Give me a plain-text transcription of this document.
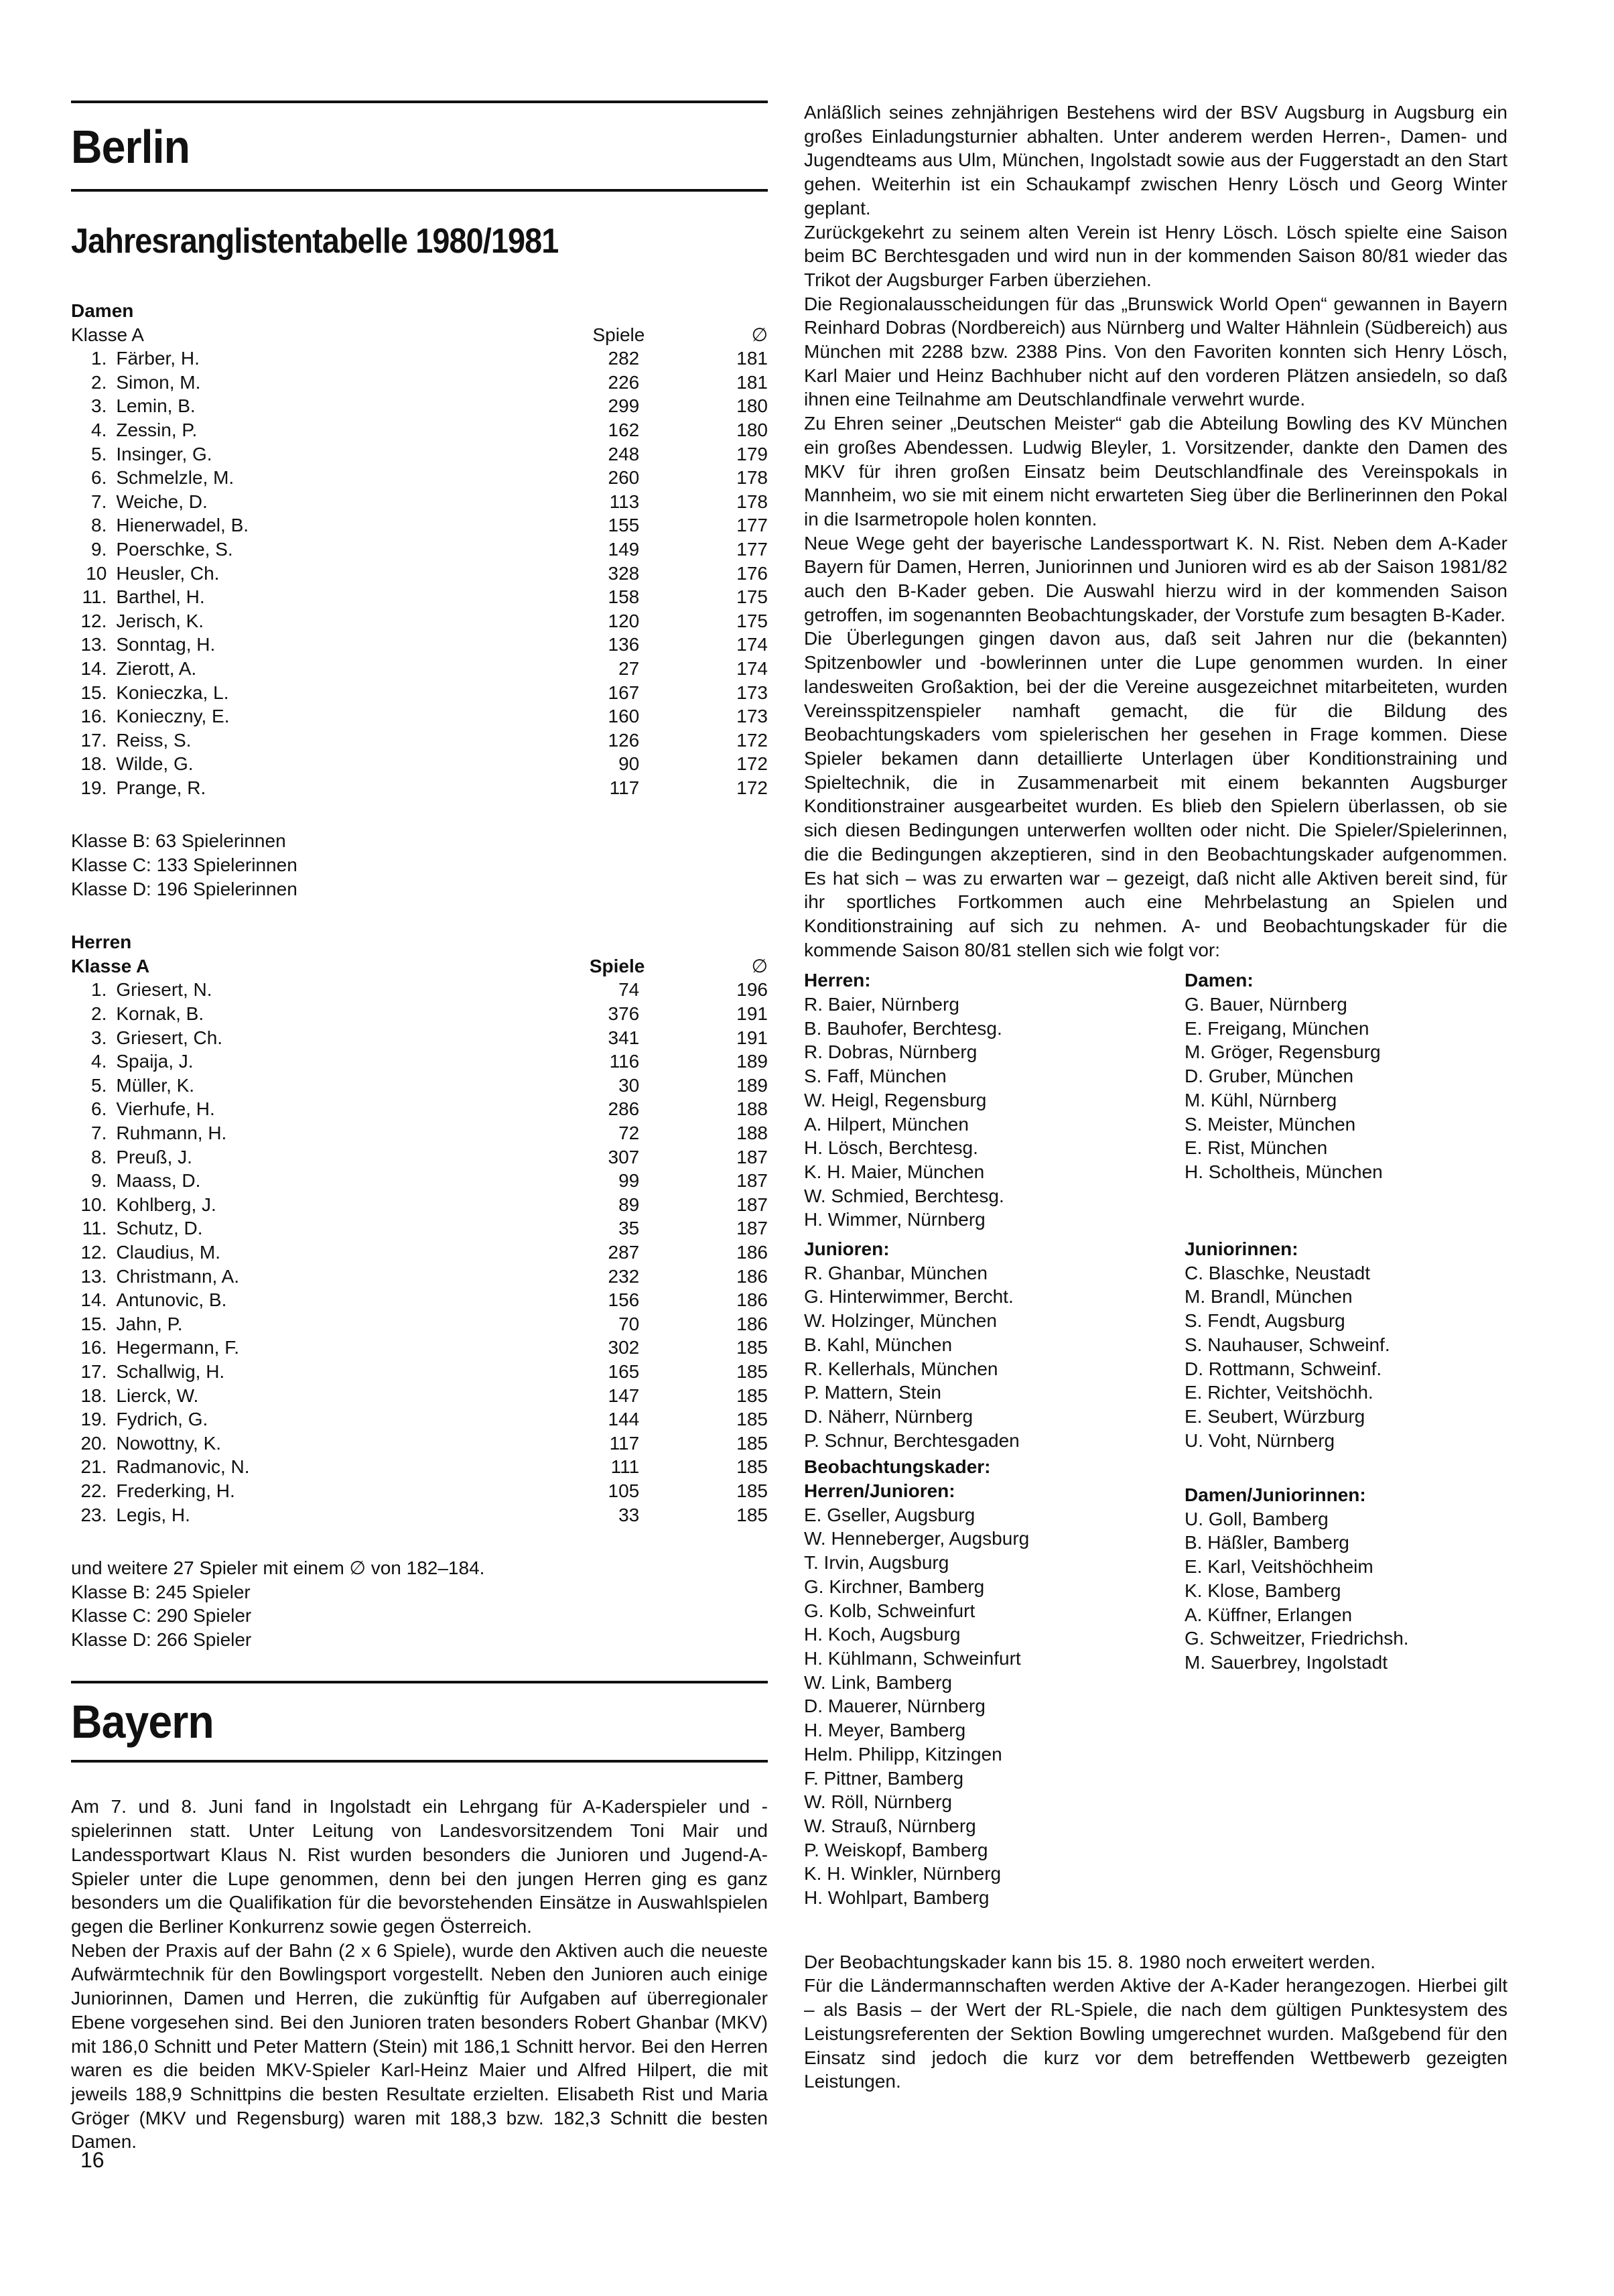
Berlin
Jahresranglistentabelle 1980/1981
Damen
Klasse A	Spiele	∅
1. Färber, H.	282	181
2. Simon, M.	226	181
3. Lemin, B.	299	180
4. Zessin, P.	162	180
5. Insinger, G.	248	179
6. Schmelzle, M.	260	178
7. Weiche, D.	113	178
8. Hienerwadel, B.	155	177
9. Poerschke, S.	149	177
10 Heusler, Ch.	328	176
11. Barthel, H.	158	175
12. Jerisch, K.	120	175
13. Sonntag, H.	136	174
14. Zierott, A.	27	174
15. Konieczka, L.	167	173
16. Konieczny, E.	160	173
17. Reiss, S.	126	172
18. Wilde, G.	90	172
19. Prange, R.	117	172
Klasse B: 63 Spielerinnen
Klasse C: 133 Spielerinnen
Klasse D: 196 Spielerinnen
Herren
Klasse A	Spiele	∅
1. Griesert, N.	74	196
2. Kornak, B.	376	191
3. Griesert, Ch.	341	191
4. Spaija, J.	116	189
5. Müller, K.	30	189
6. Vierhufe, H.	286	188
7. Ruhmann, H.	72	188
8. Preuß, J.	307	187
9. Maass, D.	99	187
10. Kohlberg, J.	89	187
11. Schutz, D.	35	187
12. Claudius, M.	287	186
13. Christmann, A.	232	186
14. Antunovic, B.	156	186
15. Jahn, P.	70	186
16. Hegermann, F.	302	185
17. Schallwig, H.	165	185
18. Lierck, W.	147	185
19. Fydrich, G.	144	185
20. Nowottny, K.	117	185
21. Radmanovic, N.	111	185
22. Frederking, H.	105	185
23. Legis, H.	33	185
und weitere 27 Spieler mit einem ∅ von 182–184.
Klasse B: 245 Spieler
Klasse C: 290 Spieler
Klasse D: 266 Spieler
Bayern

Am 7. und 8. Juni fand in Ingolstadt ein Lehrgang für A-Kaderspieler und -spielerinnen statt. Unter Leitung von Landesvorsitzendem Toni Mair und Landessportwart Klaus N. Rist wurden besonders die Junioren und Jugend-A-Spieler unter die Lupe genommen, denn bei den jungen Herren ging es ganz besonders um die Qualifikation für die bevorstehenden Einsätze in Auswahlspielen gegen die Berliner Konkurrenz sowie gegen Österreich.

Neben der Praxis auf der Bahn (2 x 6 Spiele), wurde den Aktiven auch die neueste Aufwärmtechnik für den Bowlingsport vorgestellt. Neben den Junioren auch einige Juniorinnen, Damen und Herren, die zukünftig für Aufgaben auf überregionaler Ebene vorgesehen sind. Bei den Junioren traten besonders Robert Ghanbar (MKV) mit 186,0 Schnitt und Peter Mattern (Stein) mit 186,1 Schnitt hervor. Bei den Herren waren es die beiden MKV-Spieler Karl-Heinz Maier und Alfred Hilpert, die mit jeweils 188,9 Schnittpins die besten Resultate erzielten. Elisabeth Rist und Maria Gröger (MKV und Regensburg) waren mit 188,3 bzw. 182,3 Schnitt die besten Damen.

Anläßlich seines zehnjährigen Bestehens wird der BSV Augsburg in Augsburg ein großes Einladungsturnier abhalten. Unter anderem werden Herren-, Damen- und Jugendteams aus Ulm, München, Ingolstadt sowie aus der Fuggerstadt an den Start gehen. Weiterhin ist ein Schaukampf zwischen Henry Lösch und Georg Winter geplant.

Zurückgekehrt zu seinem alten Verein ist Henry Lösch. Lösch spielte eine Saison beim BC Berchtesgaden und wird nun in der kommenden Saison 80/81 wieder das Trikot der Augsburger Farben überziehen.

Die Regionalausscheidungen für das „Brunswick World Open“ gewannen in Bayern Reinhard Dobras (Nordbereich) aus Nürnberg und Walter Hähnlein (Südbereich) aus München mit 2288 bzw. 2388 Pins. Von den Favoriten konnten sich Henry Lösch, Karl Maier und Heinz Bachhuber nicht auf den vorderen Plätzen ansiedeln, so daß ihnen eine Teilnahme am Deutschlandfinale verwehrt wurde.

Zu Ehren seiner „Deutschen Meister“ gab die Abteilung Bowling des KV München ein großes Abendessen. Ludwig Bleyler, 1. Vorsitzender, dankte den Damen des MKV für ihren großen Einsatz beim Deutschlandfinale des Vereinspokals in Mannheim, wo sie mit einem nicht erwarteten Sieg über die Berlinerinnen den Pokal in die Isarmetropole holen konnten.

Neue Wege geht der bayerische Landessportwart K. N. Rist. Neben dem A-Kader Bayern für Damen, Herren, Juniorinnen und Junioren wird es ab der Saison 1981/82 auch den B-Kader geben. Die Auswahl hierzu wird in der kommenden Saison getroffen, im sogenannten Beobachtungskader, der Vorstufe zum besagten B-Kader.

Die Überlegungen gingen davon aus, daß seit Jahren nur die (bekannten) Spitzenbowler und -bowlerinnen unter die Lupe genommen wurden. In einer landesweiten Großaktion, bei der die Vereine ausgezeichnet mitarbeiteten, wurden Vereinsspitzenspieler namhaft gemacht, die für die Bildung des Beobachtungskaders vom spielerischen her gesehen in Frage kommen. Diese Spieler bekamen dann detaillierte Unterlagen über Konditionstraining und Spieltechnik, die in Zusammenarbeit mit einem bekannten Augsburger Konditionstrainer ausgearbeitet wurden. Es blieb den Spielern überlassen, ob sie sich diesen Bedingungen unterwerfen wollten oder nicht. Die Spieler/Spielerinnen, die die Bedingungen akzeptieren, sind in den Beobachtungskader aufgenommen. Es hat sich – was zu erwarten war – gezeigt, daß nicht alle Aktiven bereit sind, für ihr sportliches Fortkommen auch eine Mehrbelastung an Spielen und Konditionstraining auf sich zu nehmen. A- und Beobachtungskader für die kommende Saison 80/81 stellen sich wie folgt vor:

Herren:
R. Baier, Nürnberg
B. Bauhofer, Berchtesg.
R. Dobras, Nürnberg
S. Faff, München
W. Heigl, Regensburg
A. Hilpert, München
H. Lösch, Berchtesg.
K. H. Maier, München
W. Schmied, Berchtesg.
H. Wimmer, Nürnberg
Damen:
G. Bauer, Nürnberg
E. Freigang, München
M. Gröger, Regensburg
D. Gruber, München
M. Kühl, Nürnberg
S. Meister, München
E. Rist, München
H. Scholtheis, München
Junioren:
R. Ghanbar, München
G. Hinterwimmer, Bercht.
W. Holzinger, München
B. Kahl, München
R. Kellerhals, München
P. Mattern, Stein
D. Näherr, Nürnberg
P. Schnur, Berchtesgaden
Juniorinnen:
C. Blaschke, Neustadt
M. Brandl, München
S. Fendt, Augsburg
S. Nauhauser, Schweinf.
D. Rottmann, Schweinf.
E. Richter, Veitshöchh.
E. Seubert, Würzburg
U. Voht, Nürnberg
Beobachtungskader:
Herren/Junioren:
E. Gseller, Augsburg
W. Henneberger, Augsburg
T. Irvin, Augsburg
G. Kirchner, Bamberg
G. Kolb, Schweinfurt
H. Koch, Augsburg
H. Kühlmann, Schweinfurt
W. Link, Bamberg
D. Mauerer, Nürnberg
H. Meyer, Bamberg
Helm. Philipp, Kitzingen
F. Pittner, Bamberg
W. Röll, Nürnberg
W. Strauß, Nürnberg
P. Weiskopf, Bamberg
K. H. Winkler, Nürnberg
H. Wohlpart, Bamberg
Damen/Juniorinnen:
U. Goll, Bamberg
B. Häßler, Bamberg
E. Karl, Veitshöchheim
K. Klose, Bamberg
A. Küffner, Erlangen
G. Schweitzer, Friedrichsh.
M. Sauerbrey, Ingolstadt

Der Beobachtungskader kann bis 15. 8. 1980 noch erweitert werden.

Für die Ländermannschaften werden Aktive der A-Kader herangezogen. Hierbei gilt – als Basis – der Wert der RL-Spiele, die nach dem gültigen Punktesystem des Leistungsreferenten der Sektion Bowling umgerechnet wurden. Maßgebend für den Einsatz sind jedoch die kurz vor dem betreffenden Wettbewerb gezeigten Leistungen.

16
